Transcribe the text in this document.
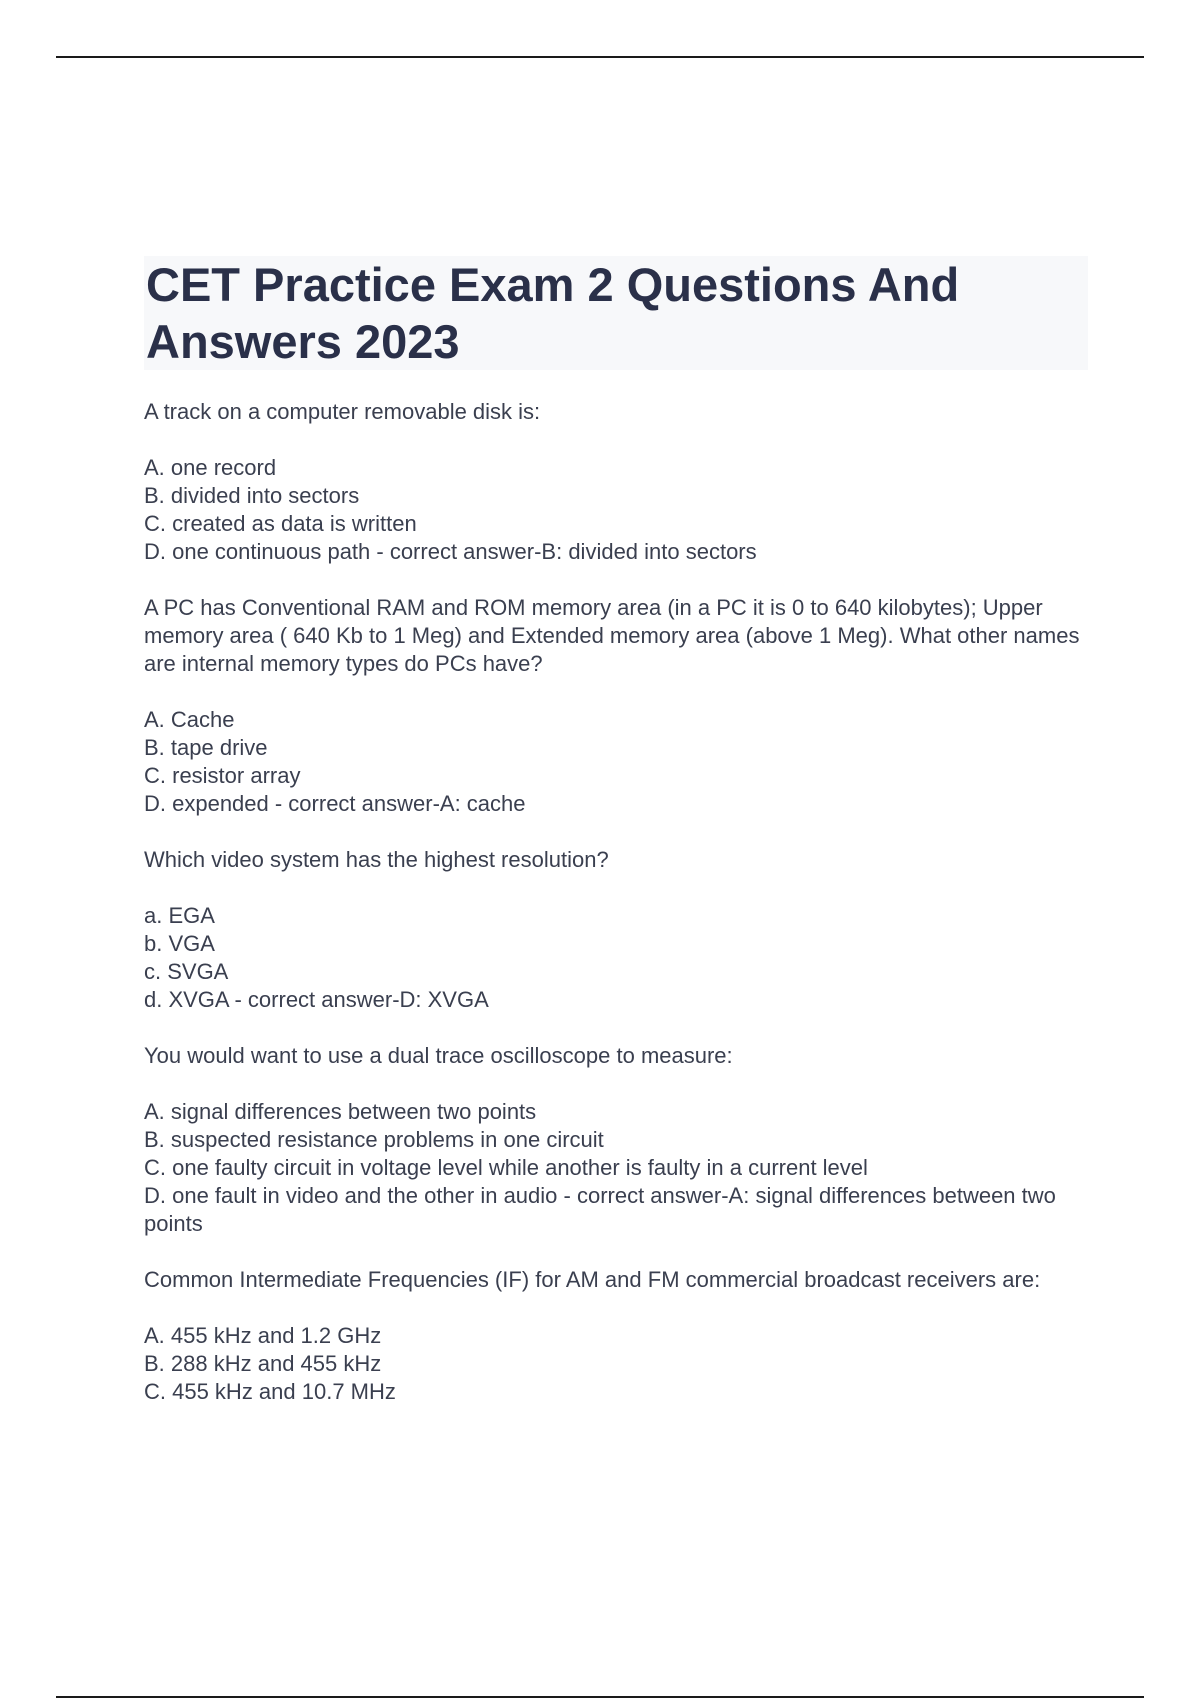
CET Practice Exam 2 Questions And Answers 2023

A track on a computer removable disk is:

A. one record
B. divided into sectors
C. created as data is written
D. one continuous path - correct answer-B: divided into sectors

A PC has Conventional RAM and ROM memory area (in a PC it is 0 to 640 kilobytes); Upper memory area ( 640 Kb to 1 Meg) and Extended memory area (above 1 Meg). What other names are internal memory types do PCs have?

A. Cache
B. tape drive
C. resistor array
D. expended - correct answer-A: cache

Which video system has the highest resolution?

a. EGA
b. VGA
c. SVGA
d. XVGA - correct answer-D: XVGA

You would want to use a dual trace oscilloscope to measure:

A. signal differences between two points
B. suspected resistance problems in one circuit
C. one faulty circuit in voltage level while another is faulty in a current level
D. one fault in video and the other in audio - correct answer-A: signal differences between two points

Common Intermediate Frequencies (IF) for AM and FM commercial broadcast receivers are:

A. 455 kHz and 1.2 GHz
B. 288 kHz and 455 kHz
C. 455 kHz and 10.7 MHz
